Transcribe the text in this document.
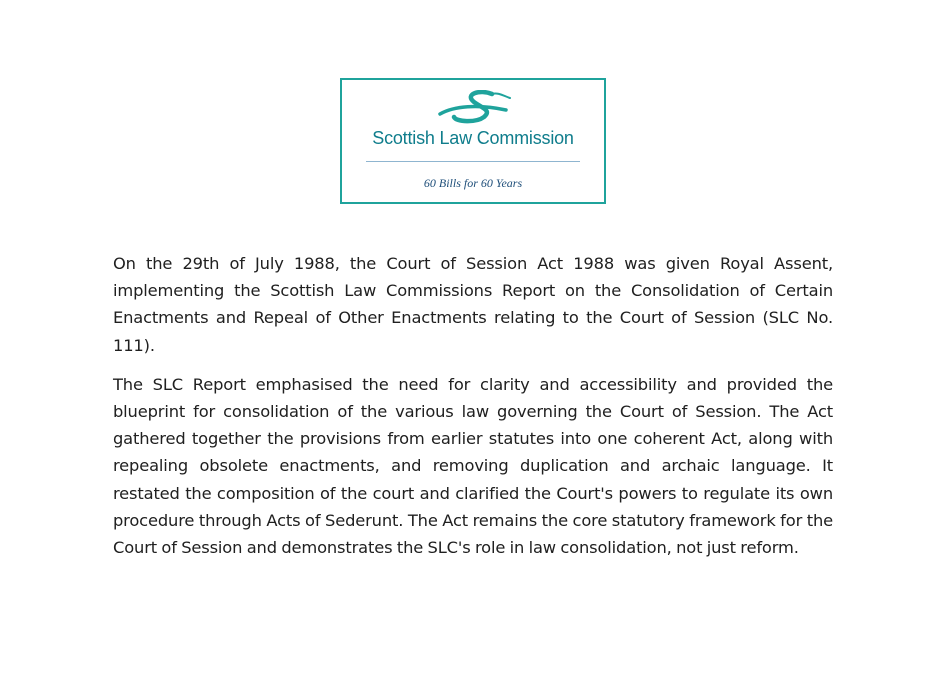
Scottish Law Commission
60 Bills for 60 Years

On the 29th of July 1988, the Court of Session Act 1988 was given Royal Assent, implementing the Scottish Law Commissions Report on the Consolidation of Certain Enactments and Repeal of Other Enactments relating to the Court of Session (SLC No. 111).

The SLC Report emphasised the need for clarity and accessibility and provided the blueprint for consolidation of the various law governing the Court of Session. The Act gathered together the provisions from earlier statutes into one coherent Act, along with repealing obsolete enactments, and removing duplication and archaic language. It restated the composition of the court and clarified the Court's powers to regulate its own procedure through Acts of Sederunt. The Act remains the core statutory framework for the Court of Session and demonstrates the SLC's role in law consolidation, not just reform.
